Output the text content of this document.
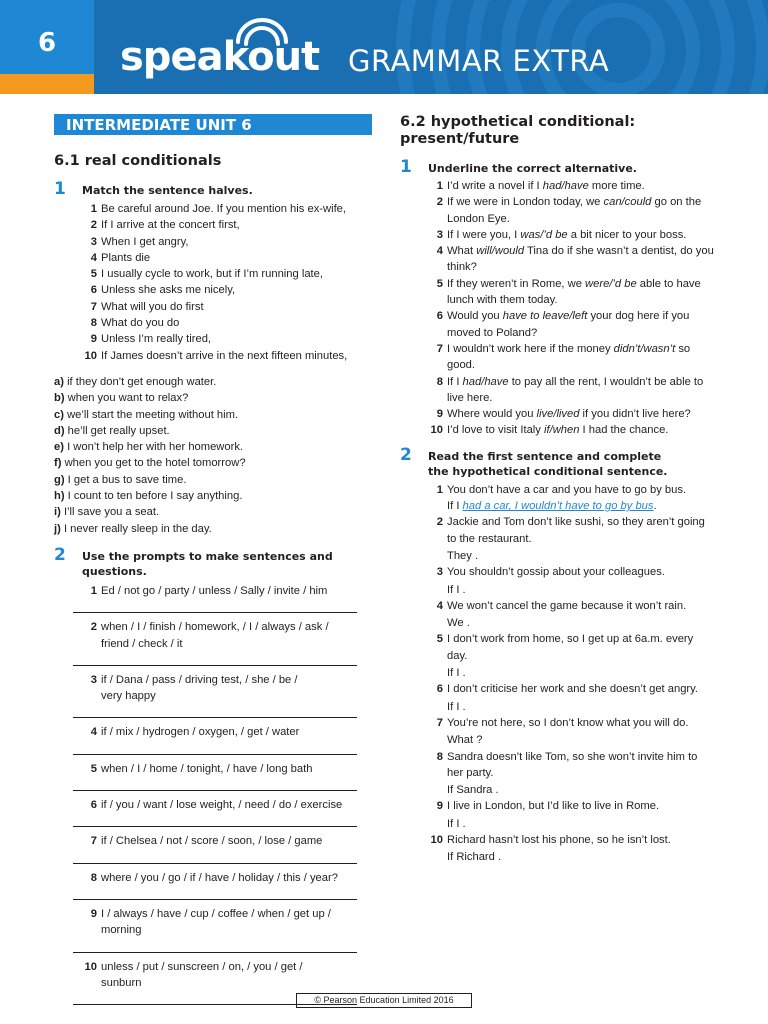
6	speakout GRAMMAR EXTRA
INTERMEDIATE UNIT 6
6.1 real conditionals
1 Match the sentence halves.
1 Be careful around Joe. If you mention his ex-wife,
2 If I arrive at the concert first,
3 When I get angry,
4 Plants die
5 I usually cycle to work, but if I’m running late,
6 Unless she asks me nicely,
7 What will you do first
8 What do you do
9 Unless I’m really tired,
10 If James doesn’t arrive in the next fifteen minutes,
a) if they don’t get enough water.
b) when you want to relax?
c) we’ll start the meeting without him.
d) he’ll get really upset.
e) I won’t help her with her homework.
f) when you get to the hotel tomorrow?
g) I get a bus to save time.
h) I count to ten before I say anything.
i) I’ll save you a seat.
j) I never really sleep in the day.
2 Use the prompts to make sentences and questions.
1 Ed / not go / party / unless / Sally / invite / him
2 when / I / finish / homework, / I / always / ask /
friend / check / it
3 if / Dana / pass / driving test, / she / be /
very happy
4 if / mix / hydrogen / oxygen, / get / water
5 when / I / home / tonight, / have / long bath
6 if / you / want / lose weight, / need / do / exercise
7 if / Chelsea / not / score / soon, / lose / game
8 where / you / go / if / have / holiday / this / year?
9 I / always / have / cup / coffee / when / get up /
morning
10 unless / put / sunscreen / on, / you / get /
sunburn
6.2 hypothetical conditional:
present/future
1 Underline the correct alternative.
1 I’d write a novel if I had/have more time.
2 If we were in London today, we can/could go on the London Eye.
3 If I were you, I was/’d be a bit nicer to your boss.
4 What will/would Tina do if she wasn’t a dentist, do you think?
5 If they weren’t in Rome, we were/’d be able to have lunch with them today.
6 Would you have to leave/left your dog here if you moved to Poland?
7 I wouldn’t work here if the money didn’t/wasn’t so good.
8 If I had/have to pay all the rent, I wouldn’t be able to live here.
9 Where would you live/lived if you didn’t live here?
10 I’d love to visit Italy if/when I had the chance.
2 Read the first sentence and complete the hypothetical conditional sentence.
1 You don’t have a car and you have to go by bus.
If I had a car, I wouldn’t have to go by bus.
2 Jackie and Tom don’t like sushi, so they aren’t going to the restaurant.
They .
3 You shouldn’t gossip about your colleagues.
If I .
4 We won’t cancel the game because it won’t rain.
We .
5 I don’t work from home, so I get up at 6a.m. every day.
If I .
6 I don’t criticise her work and she doesn’t get angry.
If I .
7 You’re not here, so I don’t know what you will do.
What ?
8 Sandra doesn’t like Tom, so she won’t invite him to her party.
If Sandra .
9 I live in London, but I’d like to live in Rome.
If I .
10 Richard hasn’t lost his phone, so he isn’t lost.
If Richard .
© Pearson Education Limited 2016
